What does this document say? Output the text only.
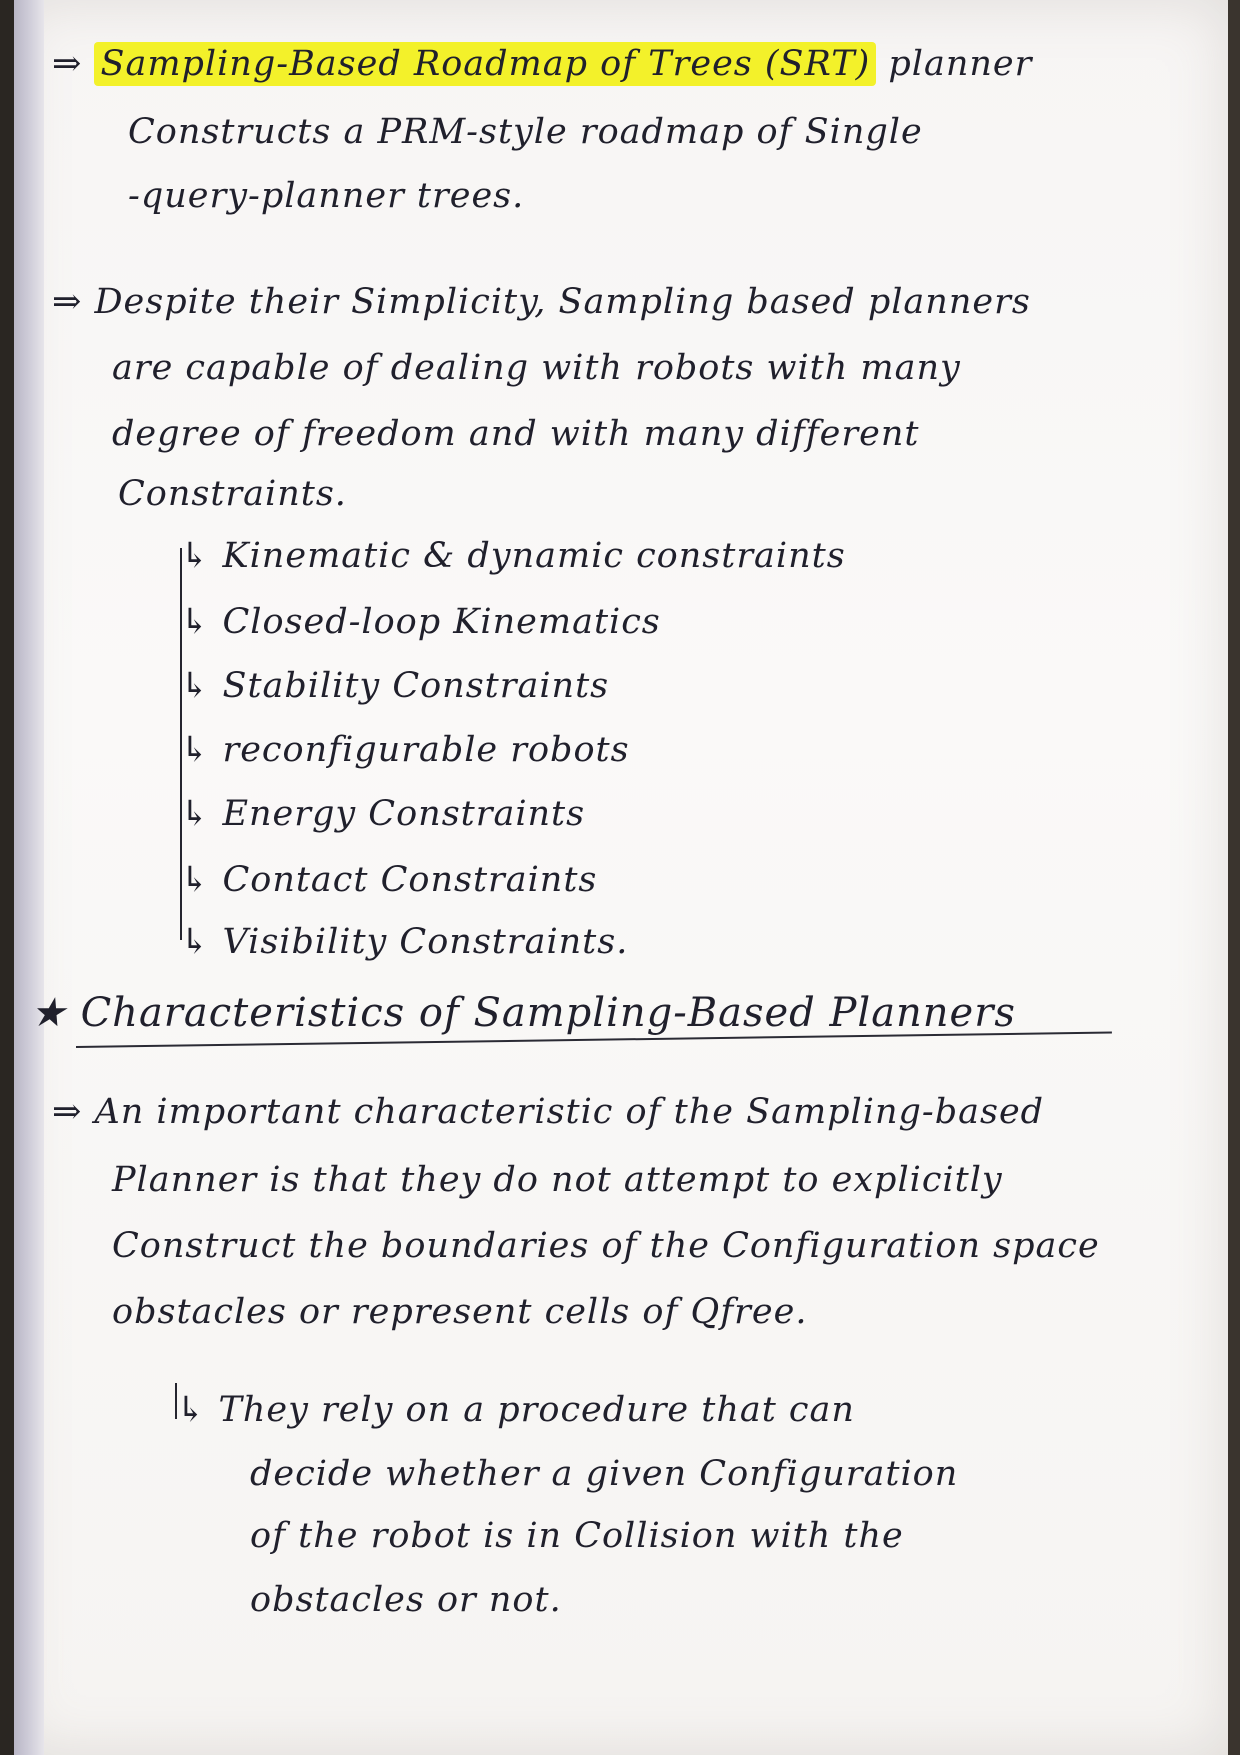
⇒ Sampling-Based Roadmap of Trees (SRT) planner
Constructs a PRM-style roadmap of Single
-query-planner trees.
⇒ Despite their Simplicity, Sampling based planners
are capable of dealing with robots with many
degree of freedom and with many different
Constraints.
↳ Kinematic & dynamic constraints
↳ Closed-loop Kinematics
↳ Stability Constraints
↳ reconfigurable robots
↳ Energy Constraints
↳ Contact Constraints
↳ Visibility Constraints.
★ Characteristics of Sampling-Based Planners
⇒ An important characteristic of the Sampling-based
Planner is that they do not attempt to explicitly
Construct the boundaries of the Configuration space
obstacles or represent cells of Qfree.
↳ They rely on a procedure that can
decide whether a given Configuration
of the robot is in Collision with the
obstacles or not.
